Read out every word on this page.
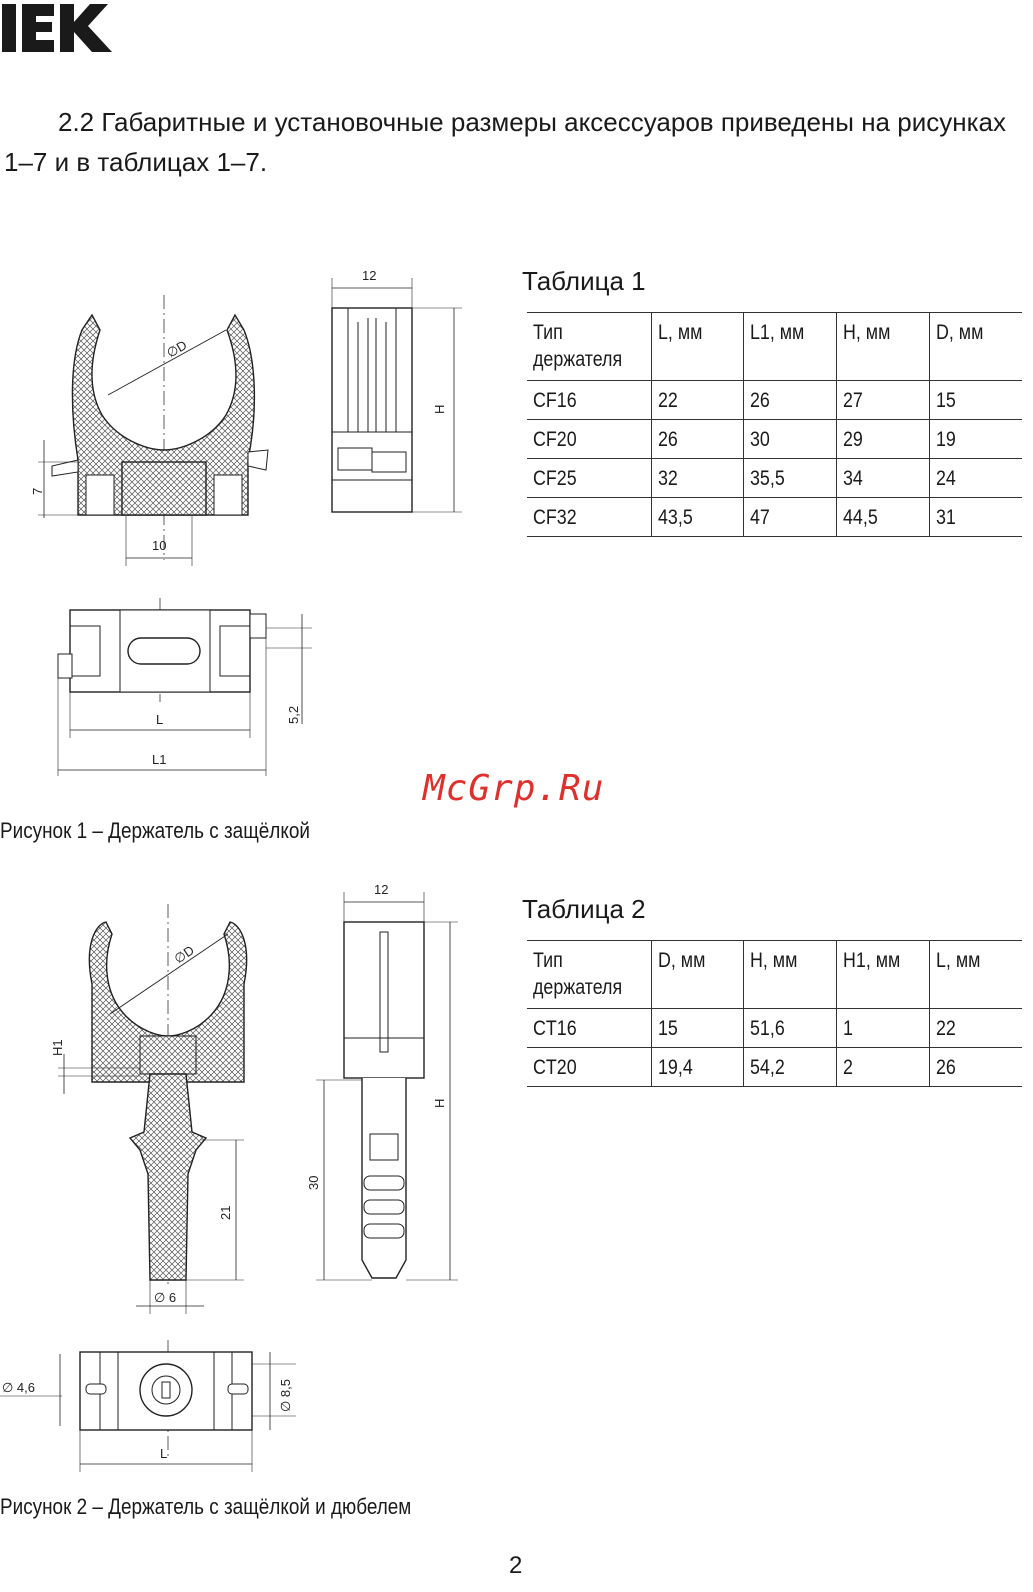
2.2 Габаритные и установочные размеры аксессуаров приведены на рисунках 1–7 и в таблицах 1–7.
Таблица 1
Тип держателя	L, мм	L1, мм	H, мм	D, мм
CF16	22	26	27	15
CF20	26	30	29	19
CF25	32	35,5	34	24
CF32	43,5	47	44,5	31
Таблица 2
Тип держателя	D, мм	H, мм	H1, мм	L, мм
CT16	15	51,6	1	22
CT20	19,4	54,2	2	26
∅D
7
10
12
H
L
L1
5,2
Рисунок 1 – Держатель с защёлкой
McGrp.Ru
∅D
H1
21
∅ 6
12
30
H
L
∅ 4,6	∅ 8,5
Рисунок 2 – Держатель с защёлкой и дюбелем
2
